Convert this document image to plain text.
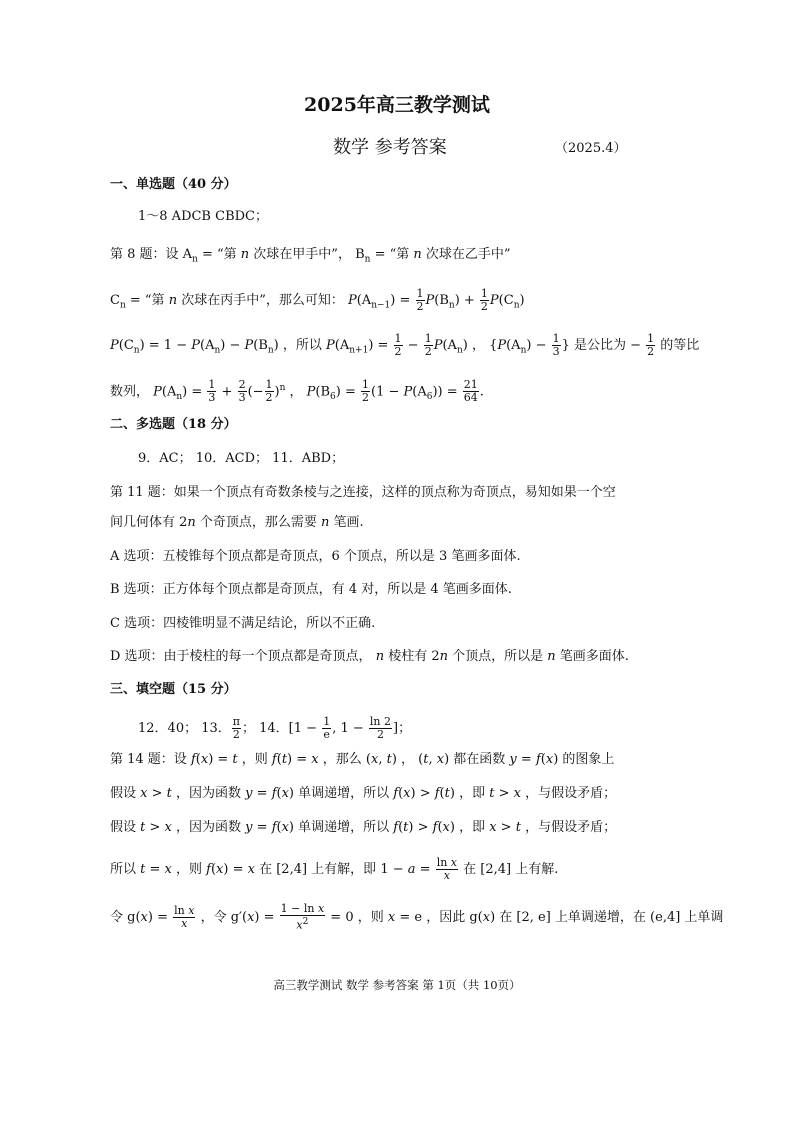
2025年高三教学测试
数学 参考答案	（2025.4）
一、单选题（40 分）
1～8 ADCB CBDC；
第 8 题：设 $A_n$ = “第 n 次球在甲手中”， $B_n$ = “第 n 次球在乙手中”
$C_n$ = “第 n 次球在丙手中”，那么可知： $P(A_{n-1}) = \frac{1}{2} P(B_n) + \frac{1}{2} P(C_n)$
$P(C_n) = 1 - P(A_n) - P(B_n)$ ，所以 $P(A_{n+1}) = \frac{1}{2} - \frac{1}{2} P(A_n)$ ， {$P(A_n) - \frac{1}{3}$ } 是公比为 − $\frac{1}{2}$ 的等比
数列， $P(A_n) = \frac{1}{3} + \frac{2}{3}$ (− $\frac{1}{2} )^n$ ， $P(B_6) = \frac{1}{2} (1 - P(A_6)) = \frac{21}{64}$ .
二、多选题（18 分）
9．AC； 10．ACD； 11．ABD；
第 11 题：如果一个顶点有奇数条棱与之连接，这样的顶点称为奇顶点，易知如果一个空
间几何体有 2n 个奇顶点，那么需要 n 笔画.
A 选项：五棱锥每个顶点都是奇顶点，6 个顶点，所以是 3 笔画多面体.
B 选项：正方体每个顶点都是奇顶点，有 4 对，所以是 4 笔画多面体.
C 选项：四棱锥明显不满足结论，所以不正确.
D 选项：由于棱柱的每一个顶点都是奇顶点， n 棱柱有 2n 个顶点，所以是 n 笔画多面体.
三、填空题（15 分）
12．40； 13． $\frac{\pi}{2}$ ； 14．[$1 - \frac{1}{e}$ , $1 - \frac{\ln 2}{2}$ ]；
第 14 题：设 f(x) = t ，则 f(t) = x ，那么 (x, t) ， (t, x) 都在函数 y = f(x) 的图象上
假设 x > t ，因为函数 y = f(x) 单调递增，所以 f(x) > f(t) ，即 t > x ，与假设矛盾；
假设 t > x ，因为函数 y = f(x) 单调递增，所以 f(t) > f(x) ，即 x > t ，与假设矛盾；
所以 t = x ，则 f(x) = x 在 [2,4] 上有解，即 $1 - a = \frac{\text{ln x}}{x}$ 在 [2,4] 上有解.
令 $g(x) = \frac{\text{ln x}}{x}$ ，令 $g'(x) = \frac{\text{1 − ln x}}{x^2} = 0$ ，则 x = e ，因此 g(x) 在 [2, e] 上单调递增，在 (e,4] 上单调
高三教学测试 数学 参考答案 第 1页（共 10页）
